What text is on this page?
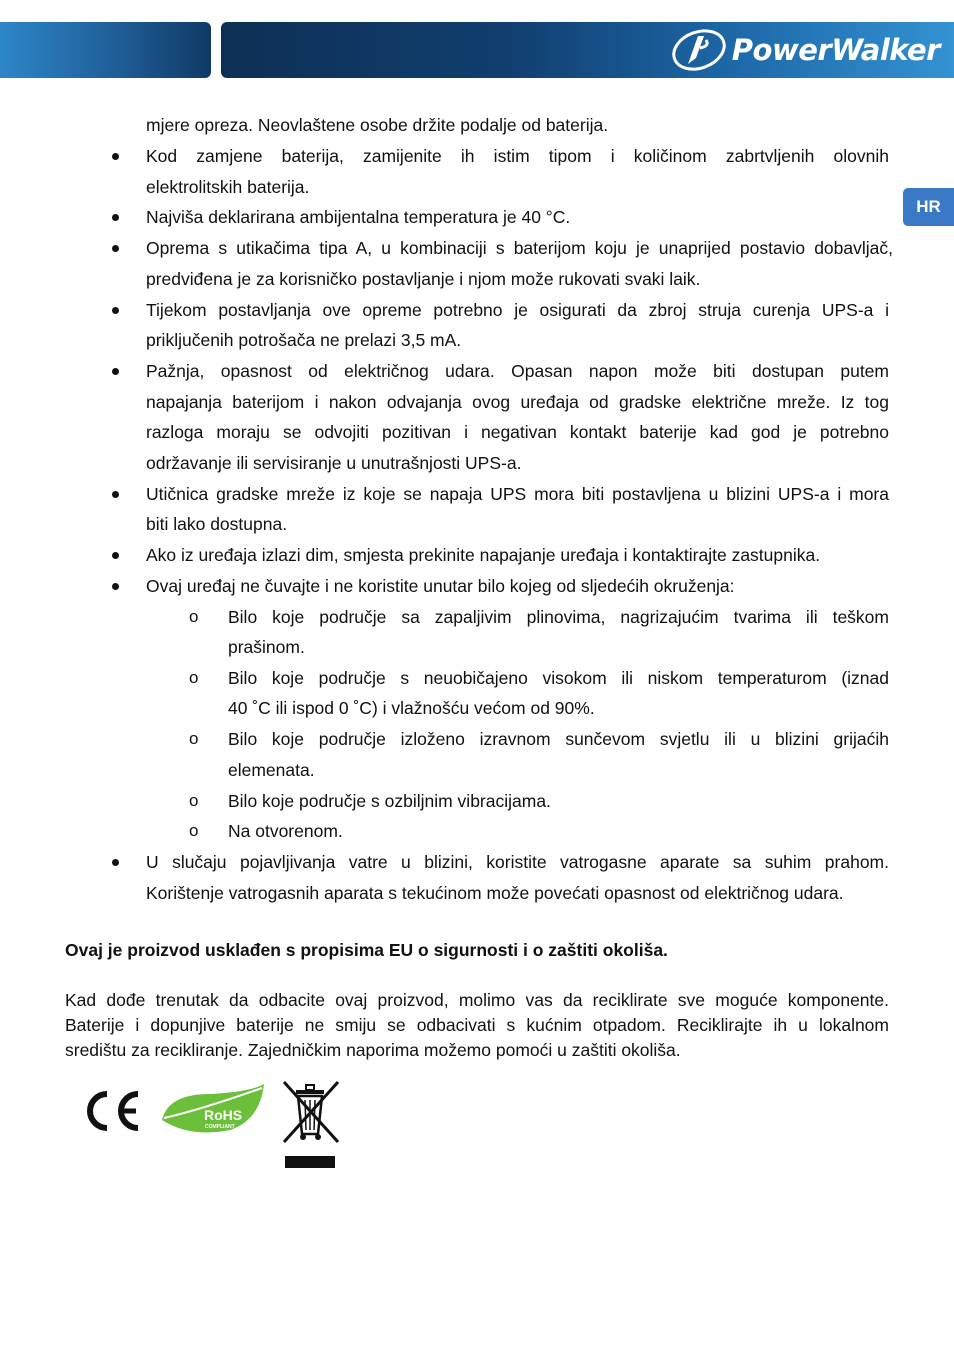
PowerWalker
HR
mjere opreza. Neovlaštene osobe držite podalje od baterija.
Kod zamjene baterija, zamijenite ih istim tipom i količinom zabrtvljenih olovnih
elektrolitskih baterija.
Najviša deklarirana ambijentalna temperatura je 40 °C.
Oprema s utikačima tipa A, u kombinaciji s baterijom koju je unaprijed postavio dobavljač,
predviđena je za korisničko postavljanje i njom može rukovati svaki laik.
Tijekom postavljanja ove opreme potrebno je osigurati da zbroj struja curenja UPS-a i
priključenih potrošača ne prelazi 3,5 mA.
Pažnja, opasnost od električnog udara. Opasan napon može biti dostupan putem
napajanja baterijom i nakon odvajanja ovog uređaja od gradske električne mreže. Iz tog
razloga moraju se odvojiti pozitivan i negativan kontakt baterije kad god je potrebno
održavanje ili servisiranje u unutrašnjosti UPS-a.
Utičnica gradske mreže iz koje se napaja UPS mora biti postavljena u blizini UPS-a i mora
biti lako dostupna.
Ako iz uređaja izlazi dim, smjesta prekinite napajanje uređaja i kontaktirajte zastupnika.
Ovaj uređaj ne čuvajte i ne koristite unutar bilo kojeg od sljedećih okruženja:
o Bilo koje područje sa zapaljivim plinovima, nagrizajućim tvarima ili teškom
prašinom.
o Bilo koje područje s neuobičajeno visokom ili niskom temperaturom (iznad
40 ˚C ili ispod 0 ˚C) i vlažnošću većom od 90%.
o Bilo koje područje izloženo izravnom sunčevom svjetlu ili u blizini grijaćih
elemenata.
o Bilo koje područje s ozbiljnim vibracijama.
o Na otvorenom.
U slučaju pojavljivanja vatre u blizini, koristite vatrogasne aparate sa suhim prahom.
Korištenje vatrogasnih aparata s tekućinom može povećati opasnost od električnog udara.
Ovaj je proizvod usklađen s propisima EU o sigurnosti i o zaštiti okoliša.
Kad dođe trenutak da odbacite ovaj proizvod, molimo vas da reciklirate sve moguće komponente.
Baterije i dopunjive baterije ne smiju se odbacivati s kućnim otpadom. Reciklirajte ih u lokalnom
središtu za recikliranje. Zajedničkim naporima možemo pomoći u zaštiti okoliša.
CE
RoHS
COMPLIANT
